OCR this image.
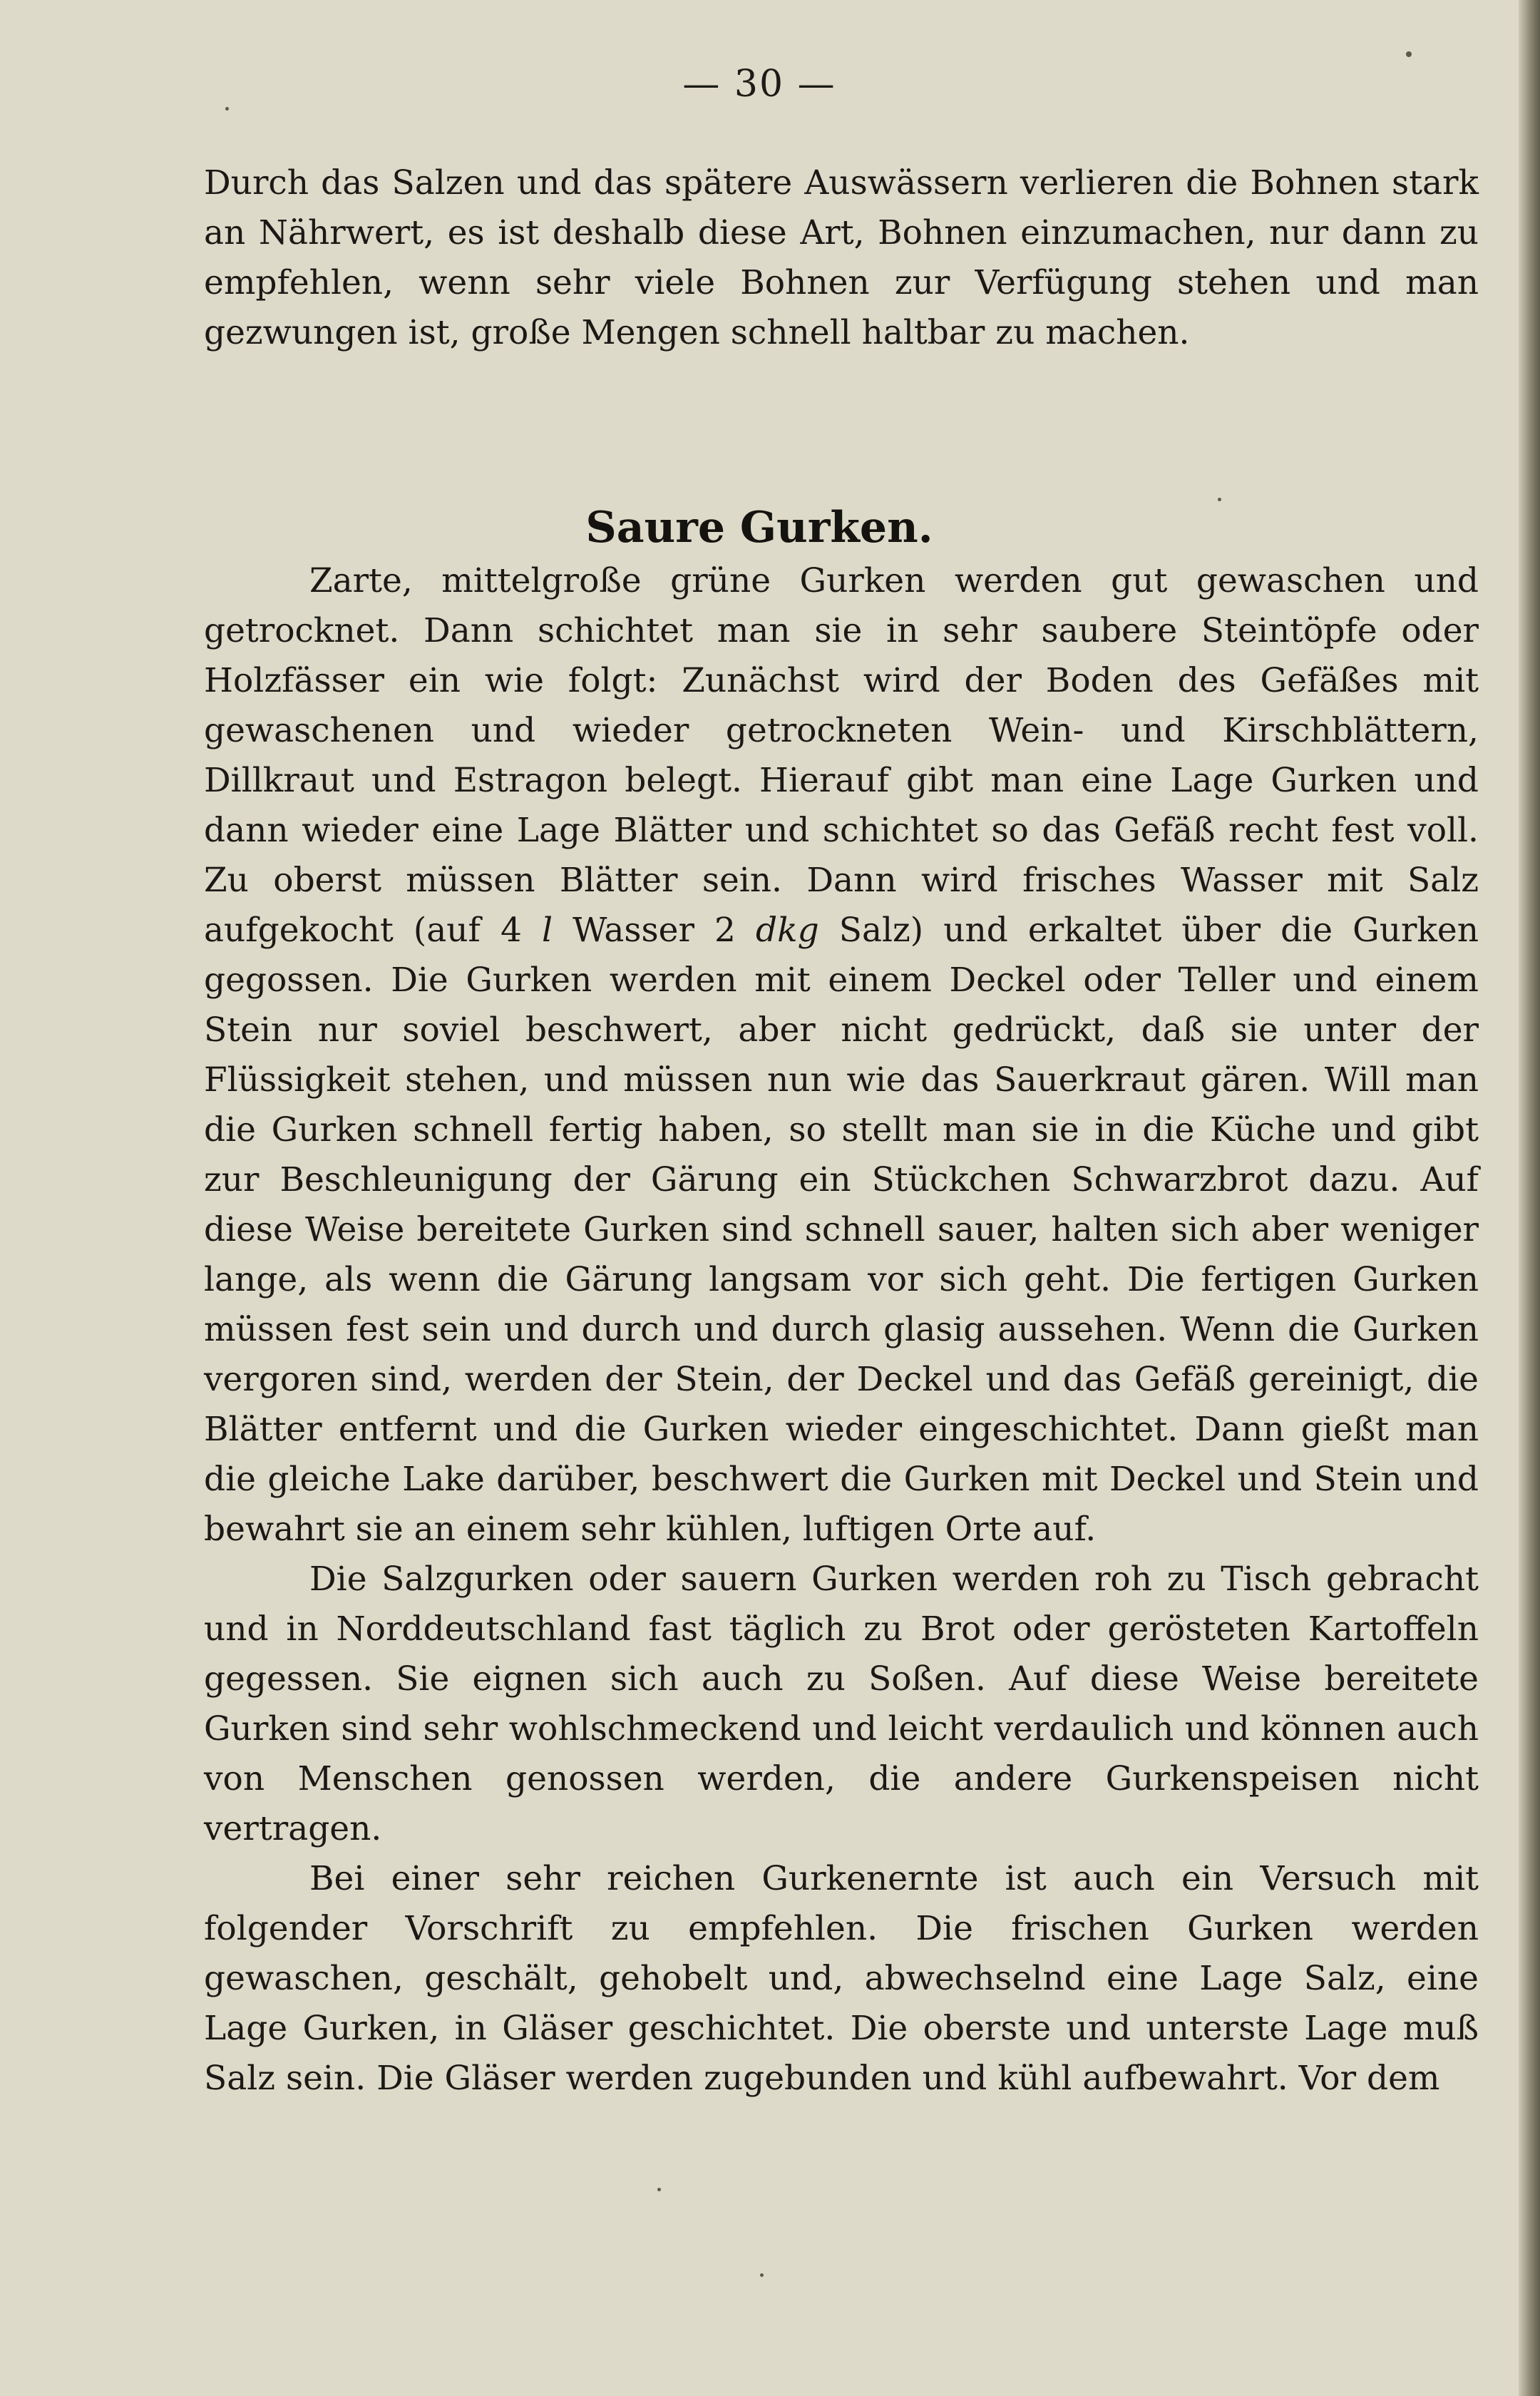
— 30 —

Durch das Salzen und das spätere Auswässern verlieren die Bohnen stark an Nährwert, es ist deshalb diese Art, Bohnen einzumachen, nur dann zu empfehlen, wenn sehr viele Bohnen zur Verfügung stehen und man gezwungen ist, große Mengen schnell haltbar zu machen.

Saure Gurken.

Zarte, mittelgroße grüne Gurken werden gut gewaschen und getrocknet. Dann schichtet man sie in sehr saubere Steintöpfe oder Holzfässer ein wie folgt: Zunächst wird der Boden des Gefäßes mit gewaschenen und wieder getrockneten Wein- und Kirschblättern, Dillkraut und Estragon belegt. Hierauf gibt man eine Lage Gurken und dann wieder eine Lage Blätter und schichtet so das Gefäß recht fest voll. Zu oberst müssen Blätter sein. Dann wird frisches Wasser mit Salz aufgekocht (auf 4 l Wasser 2 dkg Salz) und erkaltet über die Gurken gegossen. Die Gurken werden mit einem Deckel oder Teller und einem Stein nur soviel beschwert, aber nicht gedrückt, daß sie unter der Flüssigkeit stehen, und müssen nun wie das Sauerkraut gären. Will man die Gurken schnell fertig haben, so stellt man sie in die Küche und gibt zur Beschleunigung der Gärung ein Stückchen Schwarzbrot dazu. Auf diese Weise bereitete Gurken sind schnell sauer, halten sich aber weniger lange, als wenn die Gärung langsam vor sich geht. Die fertigen Gurken müssen fest sein und durch und durch glasig aussehen. Wenn die Gurken vergoren sind, werden der Stein, der Deckel und das Gefäß gereinigt, die Blätter entfernt und die Gurken wieder eingeschichtet. Dann gießt man die gleiche Lake darüber, beschwert die Gurken mit Deckel und Stein und bewahrt sie an einem sehr kühlen, luftigen Orte auf.

Die Salzgurken oder sauern Gurken werden roh zu Tisch gebracht und in Norddeutschland fast täglich zu Brot oder gerösteten Kartoffeln gegessen. Sie eignen sich auch zu Soßen. Auf diese Weise bereitete Gurken sind sehr wohlschmeckend und leicht verdaulich und können auch von Menschen genossen werden, die andere Gurkenspeisen nicht vertragen.

Bei einer sehr reichen Gurkenernte ist auch ein Versuch mit folgender Vorschrift zu empfehlen. Die frischen Gurken werden gewaschen, geschält, gehobelt und, abwechselnd eine Lage Salz, eine Lage Gurken, in Gläser geschichtet. Die oberste und unterste Lage muß Salz sein. Die Gläser werden zugebunden und kühl aufbewahrt. Vor dem
